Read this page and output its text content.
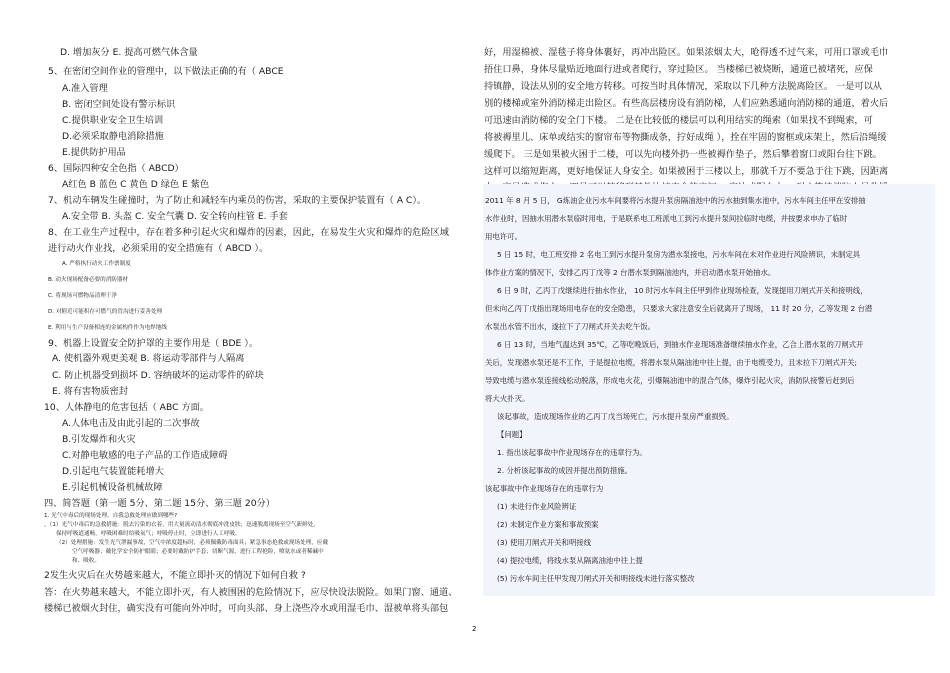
D. 增加灰分 E. 提高可燃气体含量
5、在密闭空间作业的管理中，以下做法正确的有（ ABCE
A.准入管理
B. 密闭空间处设有警示标识
C.提供职业安全卫生培训
D.必须采取静电消除措施
E.提供防护用品
6、国际四种安全色指（ ABCD）
A红色 B 蓝色 C 黄色 D 绿色 E 紫色
7、机动车辆发生碰撞时，为了防止和减轻车内乘员的伤害，采取的主要保护装置有（ A C）。
A.安全带 B. 头盔 C. 安全气囊 D. 安全转向柱管 E. 手套
8、在工业生产过程中，存在着多种引起火灾和爆炸的因素，因此，在易发生火灾和爆炸的危险区域
进行动火作业找，必须采用的安全措施有（ ABCD ）。
A. 严格执行动火工作票制度
B. 动火现场配备必要的消防器材
C. 将现场可燃物品清理干净
D. 对附近可能积存可燃气的管沟进行妥善处理
E. 利用与生产设备相连的金属构件作为电焊地线
9、机器上设置安全防护罩的主要作用是（ BDE ）。
A. 使机器外观更美观 B. 将运动零部件与人隔离
C. 防止机器受到损坏 D. 容纳破坏的运动零件的碎块
E. 将有害物质密封
10、人体静电的危害包括（ ABC 方面。
A.人体电击及由此引起的二次事故
B.引发爆炸和火灾
C.对静电敏感的电子产品的工作造成障碍
D.引起电气装置能耗增大
E.引起机械设备机械故障
四、简答题（第一题 5分、第二题 15分、第三题 20分）
1. 光气中毒后的现场处理、自我急救处理应做到哪些?
，（1）光气中毒后的急救措施：脱去污染的衣着，用大量流动清水彻底冲洗皮肤；迅速脱离现场至空气新鲜处，
保持呼吸道通畅，呼吸困难时给吸氧气；呼吸停止时，立即进行人工呼吸。
（2）处理措施：发生光气泄漏事故，空气中浓度超标时，必须佩戴防毒面具；紧急事态抢救或现场处理，应戴
空气呼吸器；戴化学安全防护眼睛；必要时戴防护手套；切断气源，进行工程抢险，喷氨水或者稀碱中
和、吸收。
2发生火灾后在火势越来越大，不能立即扑灭的情况下如何自救 ?
答：在火势越来越大，不能立即扑灭，有人被围困的危险情况下，应尽快设法脱险。如果门窗、通道、
楼梯已被烟火封住，确实没有可能向外冲时，可向头部、身上浇些冷水或用湿毛巾、湿被单将头部包
好，用湿棉被、湿毯子将身体裹好，再冲出险区。如果浓烟太大，呛得透不过气来，可用口罩或毛巾
捂住口鼻，身体尽量贴近地面行进或者爬行，穿过险区。 当楼梯已被烧断，通道已被堵死，应保
持镇静，设法从别的安全地方转移。可按当时具体情况，采取以下几种方法脱离险区。 一是可以从
别的楼梯或室外消防梯走出险区。有些高层楼房设有消防梯，人们应熟悉通向消防梯的通道，着火后
可迅速由消防梯的安全门下楼。 二是在比较低的楼层可以利用结实的绳索（如果找不到绳索，可
将被褥里儿、床单或结实的窗帘布等物撕成条，拧好成绳 ），拴在牢固的窗框或床架上，然后沿绳缓
缓爬下。 三是如果被火困于二楼，可以先向楼外扔一些被褥作垫子，然后攀着窗口或阳台往下跳。
这样可以缩短距离，更好地保证人身安全。如果被困于三楼以上，那就千万不要急于往下跳，因距离
2011 年 8 月 5 日， G炼油企业污水车间要将污水提升泵房隔油池中的污水抽到集水池中，污水车间主任甲在安排抽
水作业时，因抽水用潜水泵临时用电，于是联系电工班派电工到污水提升泵间拉临时电缆，并按要求申办了临时
用电许可。
5 日 15 时，电工班安排 2 名电工到污水提升泵房为潜水泵接电，污水车间在未对作业进行风险辨识，未制定具
体作业方案的情况下，安排乙丙丁戊等 2 台潜水泵到隔油池内，并启动潜水泵开始抽水。
6 日 9 时，乙丙丁戊继续进行抽水作业， 10 时污水车间主任甲到作业现场检查，发现提用刀闸式开关和接明线，
但未向乙丙丁戊指出现场用电存在的安全隐患， 只要求大家注意安全后就离开了现场， 11 时 20 分，乙等发现 2 台潜
水泵出水管不出水，遂拉下了刀闸式开关去吃午饭。
6 日 13 时，当地气温达到 35℃，乙等吃晚饭后，到抽水作业现场准备继续抽水作业，乙合上潜水泵的刀闸式开
关后，发现潜水泵还是不工作，于是提拉电缆，将潜水泵从隔油池中往上提，由于电缆受力，且未拉下刀闸式开关;
导致电缆与潜水泵连接线松动脱落，形成电火花，引爆隔油池中的混合气体，爆炸引起火灾，消防队接警后赶到后
将大火扑灭。
该起事故，造成现场作业的乙丙丁戊当场死亡，污水提升泵房严重损毁。
【问题】
1. 指出该起事故中作业现场存在的违章行为。
2. 分析该起事故的成因并提出预防措施。
该起事故中作业现场存在的违章行为
(1) 未进行作业风险辨证
(2) 未制定作业方案和事故预案
(3) 使用刀闸式开关和明接线
(4) 提拉电缆，将线水泵从隔离油池中往上提
(5) 污水车间主任甲发现刀闸式开关和明接线未进行落实整改
2
